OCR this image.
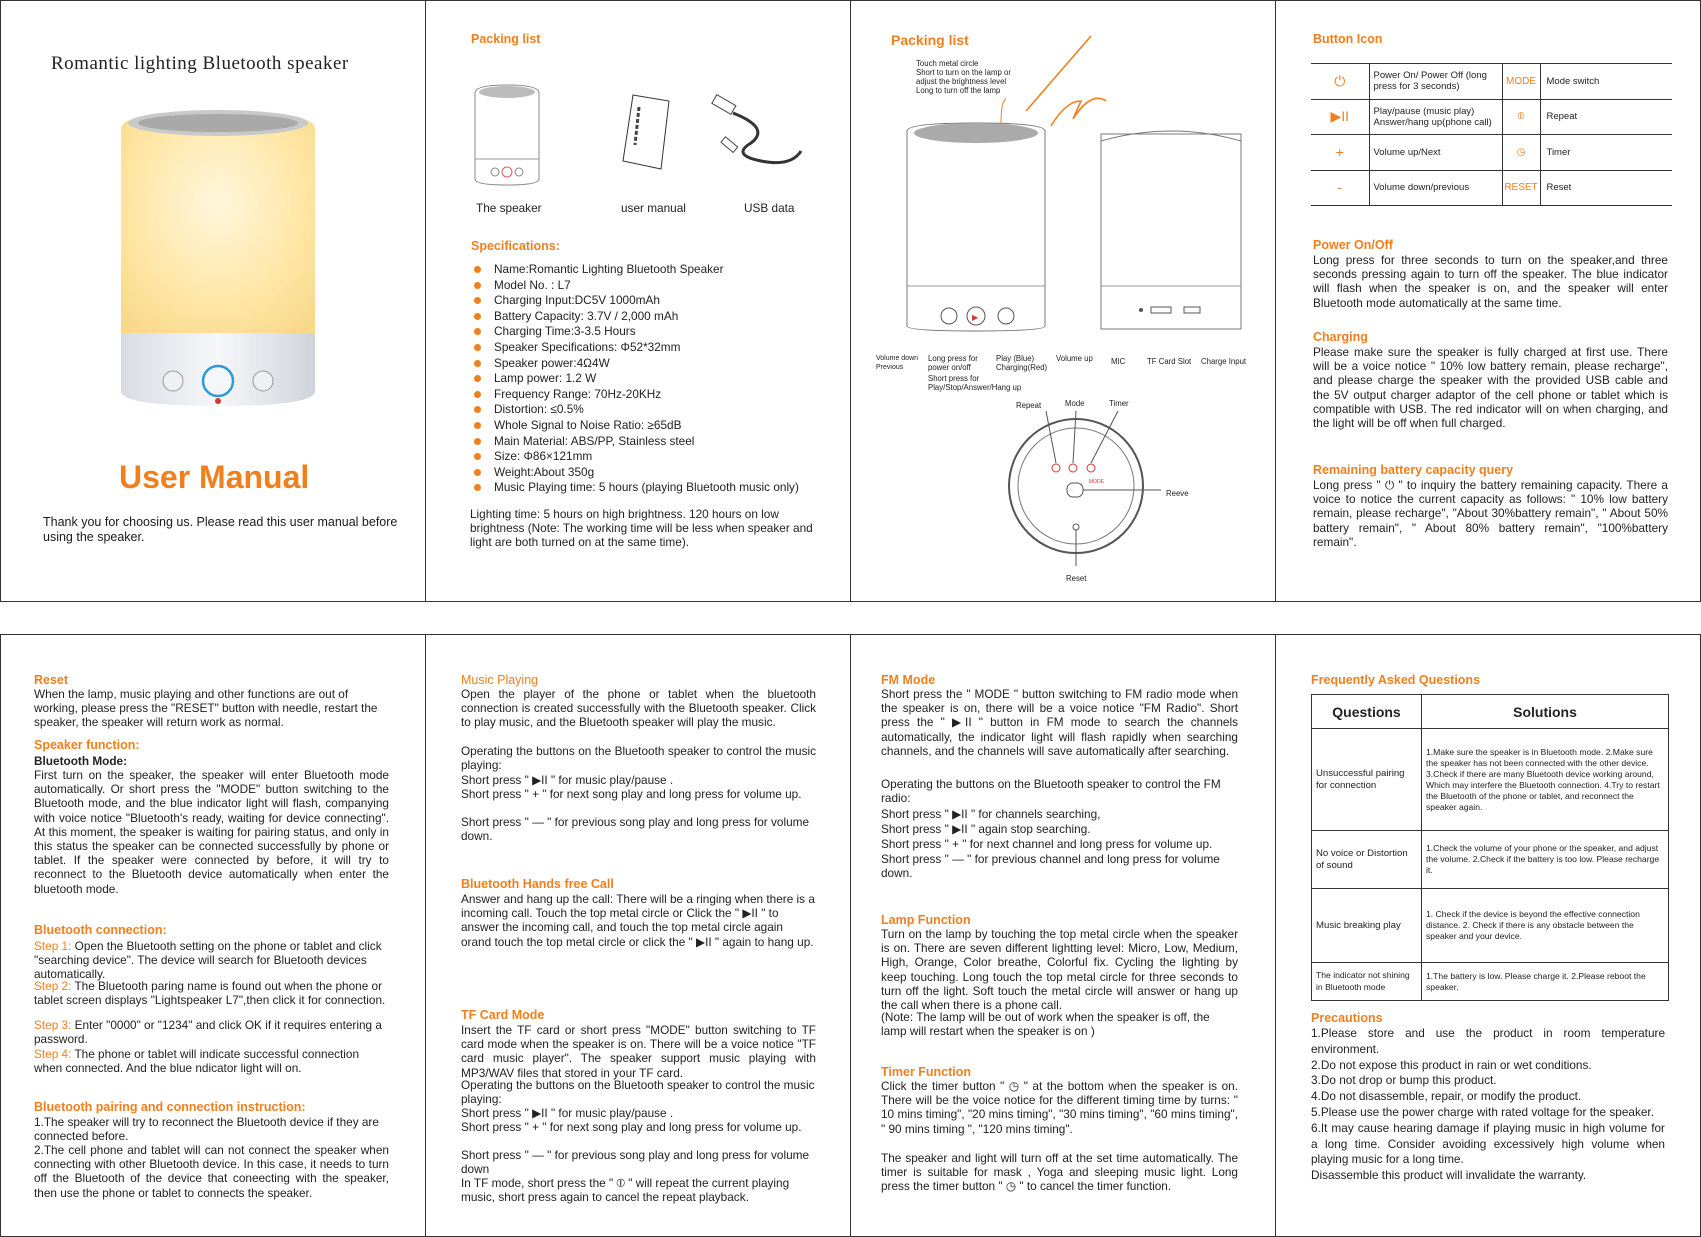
Romantic lighting Bluetooth speaker
User Manual
Thank you for choosing us. Please read this user manual before using the speaker.
Packing list
The speaker	user manual	USB data
Specifications:
Name:Romantic Lighting Bluetooth Speaker
Model No. : L7
Charging Input:DC5V 1000mAh
Battery Capacity: 3.7V / 2,000 mAh
Charging Time:3-3.5 Hours
Speaker Specifications: Φ52*32mm
Speaker power:4Ω4W
Lamp power: 1.2 W
Frequency Range: 70Hz-20KHz
Distortion: ≤0.5%
Whole Signal to Noise Ratio: ≥65dB
Main Material: ABS/PP, Stainless steel
Size: Φ86×121mm
Weight:About 350g
Music Playing time: 5 hours (playing Bluetooth music only)
Lighting time: 5 hours on high brightness. 120 hours on low brightness (Note: The working time will be less when speaker and light are both turned on at the same time).
Packing list
Touch metal circle
Short to turn on the lamp or
adjust the brightness level
Long to turn off the lamp
▶
MODE
Volume down Previous
Long press for power on/off
Short press for Play/Stop/Answer/Hang up
Play (Blue) Charging(Red)
Volume up MIC	TF Card Slot Charge Input
Repeat	Mode	Timer
Reeve
Reset
Button Icon
⏻	Power On/ Power Off (long press for 3 seconds)	MODE	Mode switch
▶II	Play/pause (music play) Answer/hang up(phone call)	⦶	Repeat
+	Volume up/Next	◷	Timer
-	Volume down/previous	RESET	Reset
Power On/Off
Long press for three seconds to turn on the speaker,and three seconds pressing again to turn off the speaker. The blue indicator will flash when the speaker is on, and the speaker will enter Bluetooth mode automatically at the same time.
Charging
Please make sure the speaker is fully charged at first use. There will be a voice notice " 10% low battery remain, please recharge", and please charge the speaker with the provided USB cable and the 5V output charger adaptor of the cell phone or tablet which is compatible with USB. The red indicator will on when charging, and the light will be off when full charged.
Remaining battery capacity query
Long press " ⏻ " to inquiry the battery remaining capacity. There a voice to notice the current capacity as follows: " 10% low battery remain, please recharge", "About 30%battery remain", " About 50% battery remain", " About 80% battery remain", "100%battery remain".
Reset
When the lamp, music playing and other functions are out of working, please press the "RESET" button with needle, restart the speaker, the speaker will return work as normal.
Speaker function:
Bluetooth Mode:
First turn on the speaker, the speaker will enter Bluetooth mode automatically. Or short press the "MODE" button switching to the Bluetooth mode, and the blue indicator light will flash, companying with voice notice "Bluetooth's ready, waiting for device connecting". At this moment, the speaker is waiting for pairing status, and only in this status the speaker can be connected successfully by phone or tablet. If the speaker were connected by before, it will try to reconnect to the Bluetooth device automatically when enter the bluetooth mode.
Bluetooth connection:
Step 1: Open the Bluetooth setting on the phone or tablet and click "searching device". The device will search for Bluetooth devices automatically.
Step 2: The Bluetooth paring name is found out when the phone or tablet screen displays "Lightspeaker L7",then click it for connection.
Step 3: Enter "0000" or "1234" and click OK if it requires entering a password.
Step 4: The phone or tablet will indicate successful connection when connected. And the blue ndicator light will on.
Bluetooth pairing and connection instruction:
1.The speaker will try to reconnect the Bluetooth device if they are connected before.
2.The cell phone and tablet will can not connect the speaker when connecting with other Bluetooth device. In this case, it needs to turn off the Bluetooth of the device that coneecting with the speaker, then use the phone or tablet to connects the speaker.
Music Playing
Open the player of the phone or tablet when the bluetooth connection is created successfully with the Bluetooth speaker. Click to play music, and the Bluetooth speaker will play the music.
Operating the buttons on the Bluetooth speaker to control the music playing:
Short press " ▶II " for music play/pause .
Short press " + " for next song play and long press for volume up.
Short press " — " for previous song play and long press for volume down.
Bluetooth Hands free Call
Answer and hang up the call: There will be a ringing when there is a incoming call. Touch the top metal circle or Click the " ▶II " to answer the incoming call, and touch the top metal circle again orand touch the top metal circle or click the " ▶II " again to hang up.
TF Card Mode
Insert the TF card or short press "MODE" button switching to TF card mode when the speaker is on. There will be a voice notice "TF card music player". The speaker support music playing with MP3/WAV files that stored in your TF card.
Operating the buttons on the Bluetooth speaker to control the music playing:
Short press " ▶II " for music play/pause .
Short press " + " for next song play and long press for volume up.
Short press " — " for previous song play and long press for volume down
In TF mode, short press the " ⦶ " will repeat the current playing music, short press again to cancel the repeat playback.
FM Mode
Short press the " MODE " button switching to FM radio mode when the speaker is on, there will be a voice notice "FM Radio". Short press the " ▶II " button in FM mode to search the channels automatically, the indicator light will flash rapidly when searching channels, and the channels will save automatically after searching.
Operating the buttons on the Bluetooth speaker to control the FM radio:
Short press " ▶II " for channels searching,
Short press " ▶II " again stop searching.
Short press " + " for next channel and long press for volume up.
Short press " — " for previous channel and long press for volume down.
Lamp Function
Turn on the lamp by touching the top metal circle when the speaker is on. There are seven different lightting level: Micro, Low, Medium, High, Orange, Color breathe, Colorful fix. Cycling the lighting by keep touching. Long touch the top metal circle for three seconds to turn off the light. Soft touch the metal circle will answer or hang up the call when there is a phone call.
(Note: The lamp will be out of work when the speaker is off, the lamp will restart when the speaker is on )
Timer Function
Click the timer button " ◷ " at the bottom when the speaker is on. There will be the voice notice for the different timing time by turns: " 10 mins timing", "20 mins timing", "30 mins timing", "60 mins timing", " 90 mins timing ", "120 mins timing".
The speaker and light will turn off at the set time automatically. The timer is suitable for mask , Yoga and sleeping music light. Long press the timer button " ◷ " to cancel the timer function.
Frequently Asked Questions
Questions	Solutions
Unsuccessful pairing for connection	1.Make sure the speaker is in Bluetooth mode. 2.Make sure the speaker has not been connected with the other device. 3.Check if there are many Bluetooth device working around, Which may interfere the Bluetooth connection. 4.Try to restart the Bluetooth of the phone or tablet, and reconnect the speaker again.
No voice or Distortion of sound	1.Check the volume of your phone or the speaker, and adjust the volume. 2.Check if the battery is too low. Please recharge it.
Music breaking play	1. Check if the device is beyond the effective connection distance. 2. Check if there is any obstacle between the speaker and your device.
The indicator not shining in Bluetooth mode	1.The battery is low. Please charge it. 2.Please reboot the speaker.
Precautions
1.Please store and use the product in room temperature environment.
2.Do not expose this product in rain or wet conditions.
3.Do not drop or bump this product.
4.Do not disassemble, repair, or modify the product.
5.Please use the power charge with rated voltage for the speaker.
6.It may cause hearing damage if playing music in high volume for a long time. Consider avoiding excessively high volume when playing music for a long time.
Disassemble this product will invalidate the warranty.
